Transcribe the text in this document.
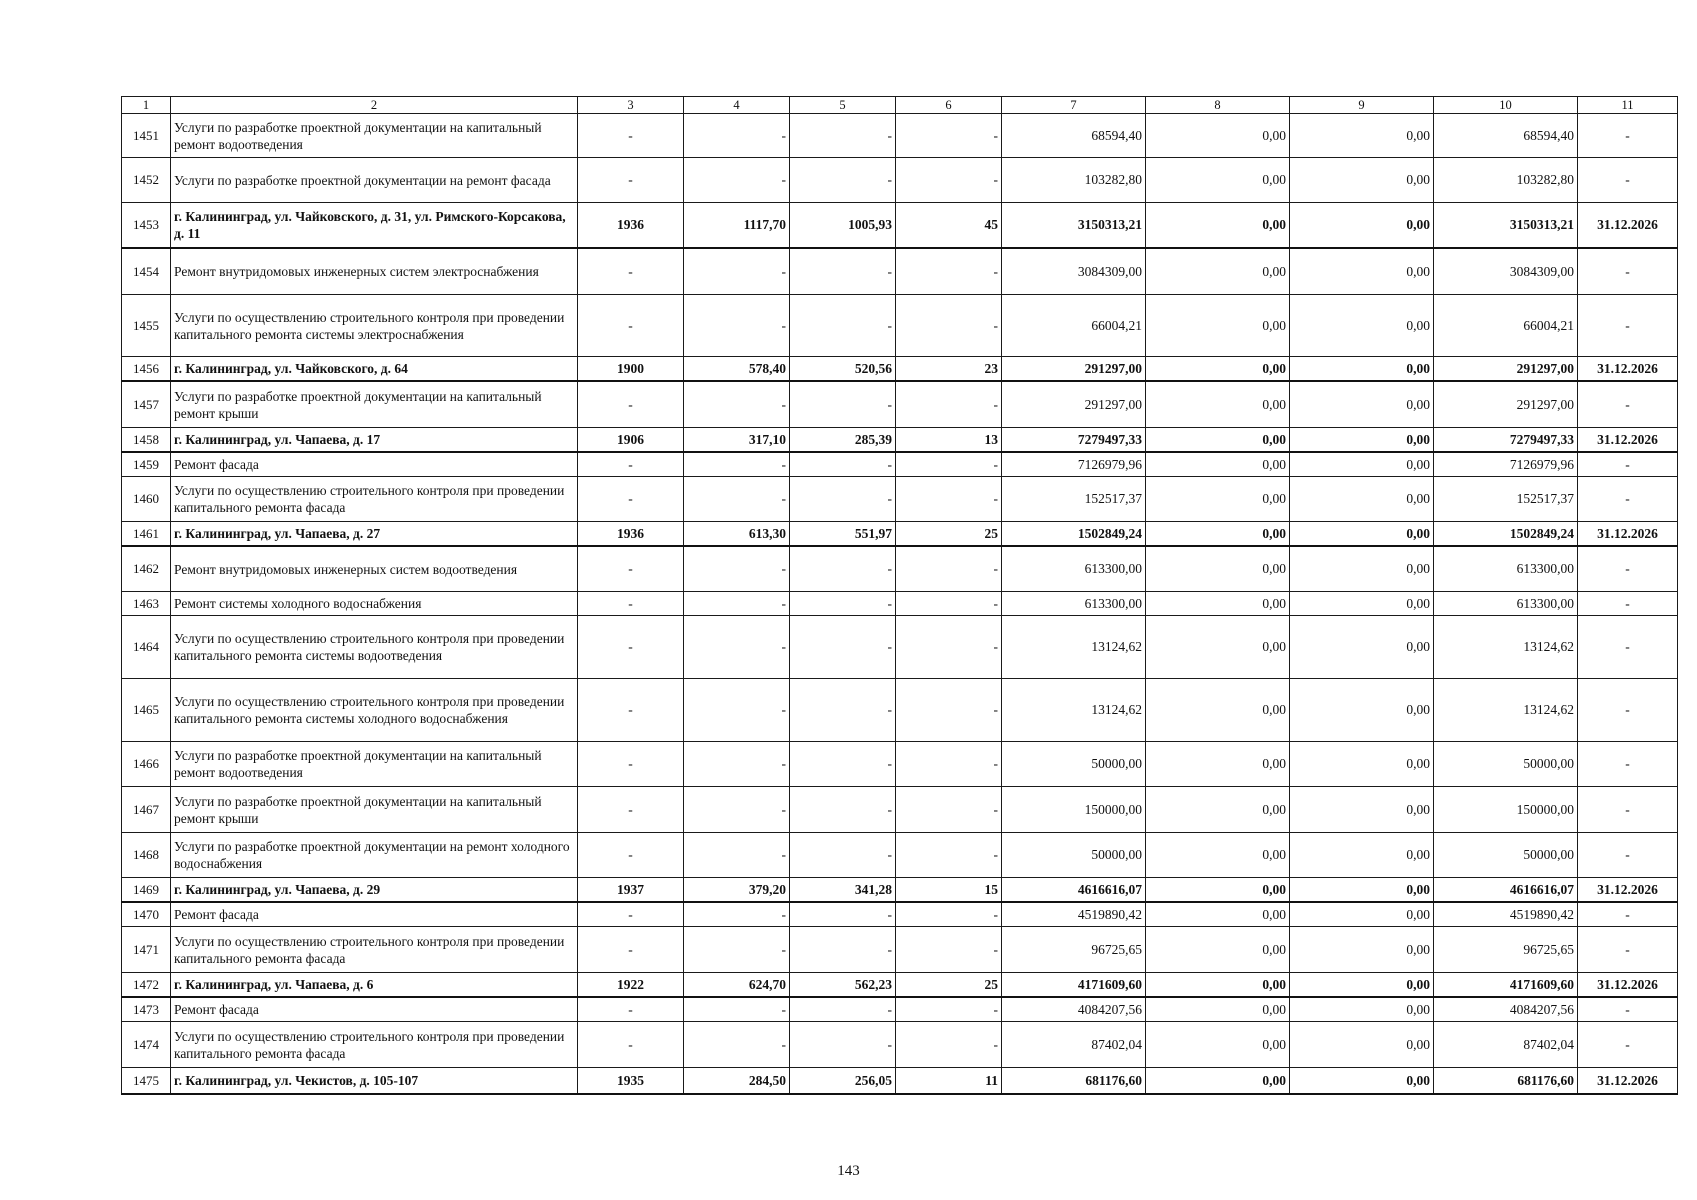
1	2	3	4	5	6	7	8	9	10	11
1451	Услуги по разработке проектной документации на капитальный ремонт водоотведения	-	-	-	-	68594,40	0,00	0,00	68594,40	-
1452	Услуги по разработке проектной документации на ремонт фасада	-	-	-	-	103282,80	0,00	0,00	103282,80	-
1453	г. Калининград, ул. Чайковского, д. 31, ул. Римского-Корсакова, д. 11	1936	1117,70	1005,93	45	3150313,21	0,00	0,00	3150313,21	31.12.2026
1454	Ремонт внутридомовых инженерных систем электроснабжения	-	-	-	-	3084309,00	0,00	0,00	3084309,00	-
1455	Услуги по осуществлению строительного контроля при проведении капитального ремонта системы электроснабжения	-	-	-	-	66004,21	0,00	0,00	66004,21	-
1456	г. Калининград, ул. Чайковского, д. 64	1900	578,40	520,56	23	291297,00	0,00	0,00	291297,00	31.12.2026
1457	Услуги по разработке проектной документации на капитальный ремонт крыши	-	-	-	-	291297,00	0,00	0,00	291297,00	-
1458	г. Калининград, ул. Чапаева, д. 17	1906	317,10	285,39	13	7279497,33	0,00	0,00	7279497,33	31.12.2026
1459	Ремонт фасада	-	-	-	-	7126979,96	0,00	0,00	7126979,96	-
1460	Услуги по осуществлению строительного контроля при проведении капитального ремонта фасада	-	-	-	-	152517,37	0,00	0,00	152517,37	-
1461	г. Калининград, ул. Чапаева, д. 27	1936	613,30	551,97	25	1502849,24	0,00	0,00	1502849,24	31.12.2026
1462	Ремонт внутридомовых инженерных систем водоотведения	-	-	-	-	613300,00	0,00	0,00	613300,00	-
1463	Ремонт системы холодного водоснабжения	-	-	-	-	613300,00	0,00	0,00	613300,00	-
1464	Услуги по осуществлению строительного контроля при проведении капитального ремонта системы водоотведения	-	-	-	-	13124,62	0,00	0,00	13124,62	-
1465	Услуги по осуществлению строительного контроля при проведении капитального ремонта системы холодного водоснабжения	-	-	-	-	13124,62	0,00	0,00	13124,62	-
1466	Услуги по разработке проектной документации на капитальный ремонт водоотведения	-	-	-	-	50000,00	0,00	0,00	50000,00	-
1467	Услуги по разработке проектной документации на капитальный ремонт крыши	-	-	-	-	150000,00	0,00	0,00	150000,00	-
1468	Услуги по разработке проектной документации на ремонт холодного водоснабжения	-	-	-	-	50000,00	0,00	0,00	50000,00	-
1469	г. Калининград, ул. Чапаева, д. 29	1937	379,20	341,28	15	4616616,07	0,00	0,00	4616616,07	31.12.2026
1470	Ремонт фасада	-	-	-	-	4519890,42	0,00	0,00	4519890,42	-
1471	Услуги по осуществлению строительного контроля при проведении капитального ремонта фасада	-	-	-	-	96725,65	0,00	0,00	96725,65	-
1472	г. Калининград, ул. Чапаева, д. 6	1922	624,70	562,23	25	4171609,60	0,00	0,00	4171609,60	31.12.2026
1473	Ремонт фасада	-	-	-	-	4084207,56	0,00	0,00	4084207,56	-
1474	Услуги по осуществлению строительного контроля при проведении капитального ремонта фасада	-	-	-	-	87402,04	0,00	0,00	87402,04	-
1475	г. Калининград, ул. Чекистов, д. 105-107	1935	284,50	256,05	11	681176,60	0,00	0,00	681176,60	31.12.2026
143
